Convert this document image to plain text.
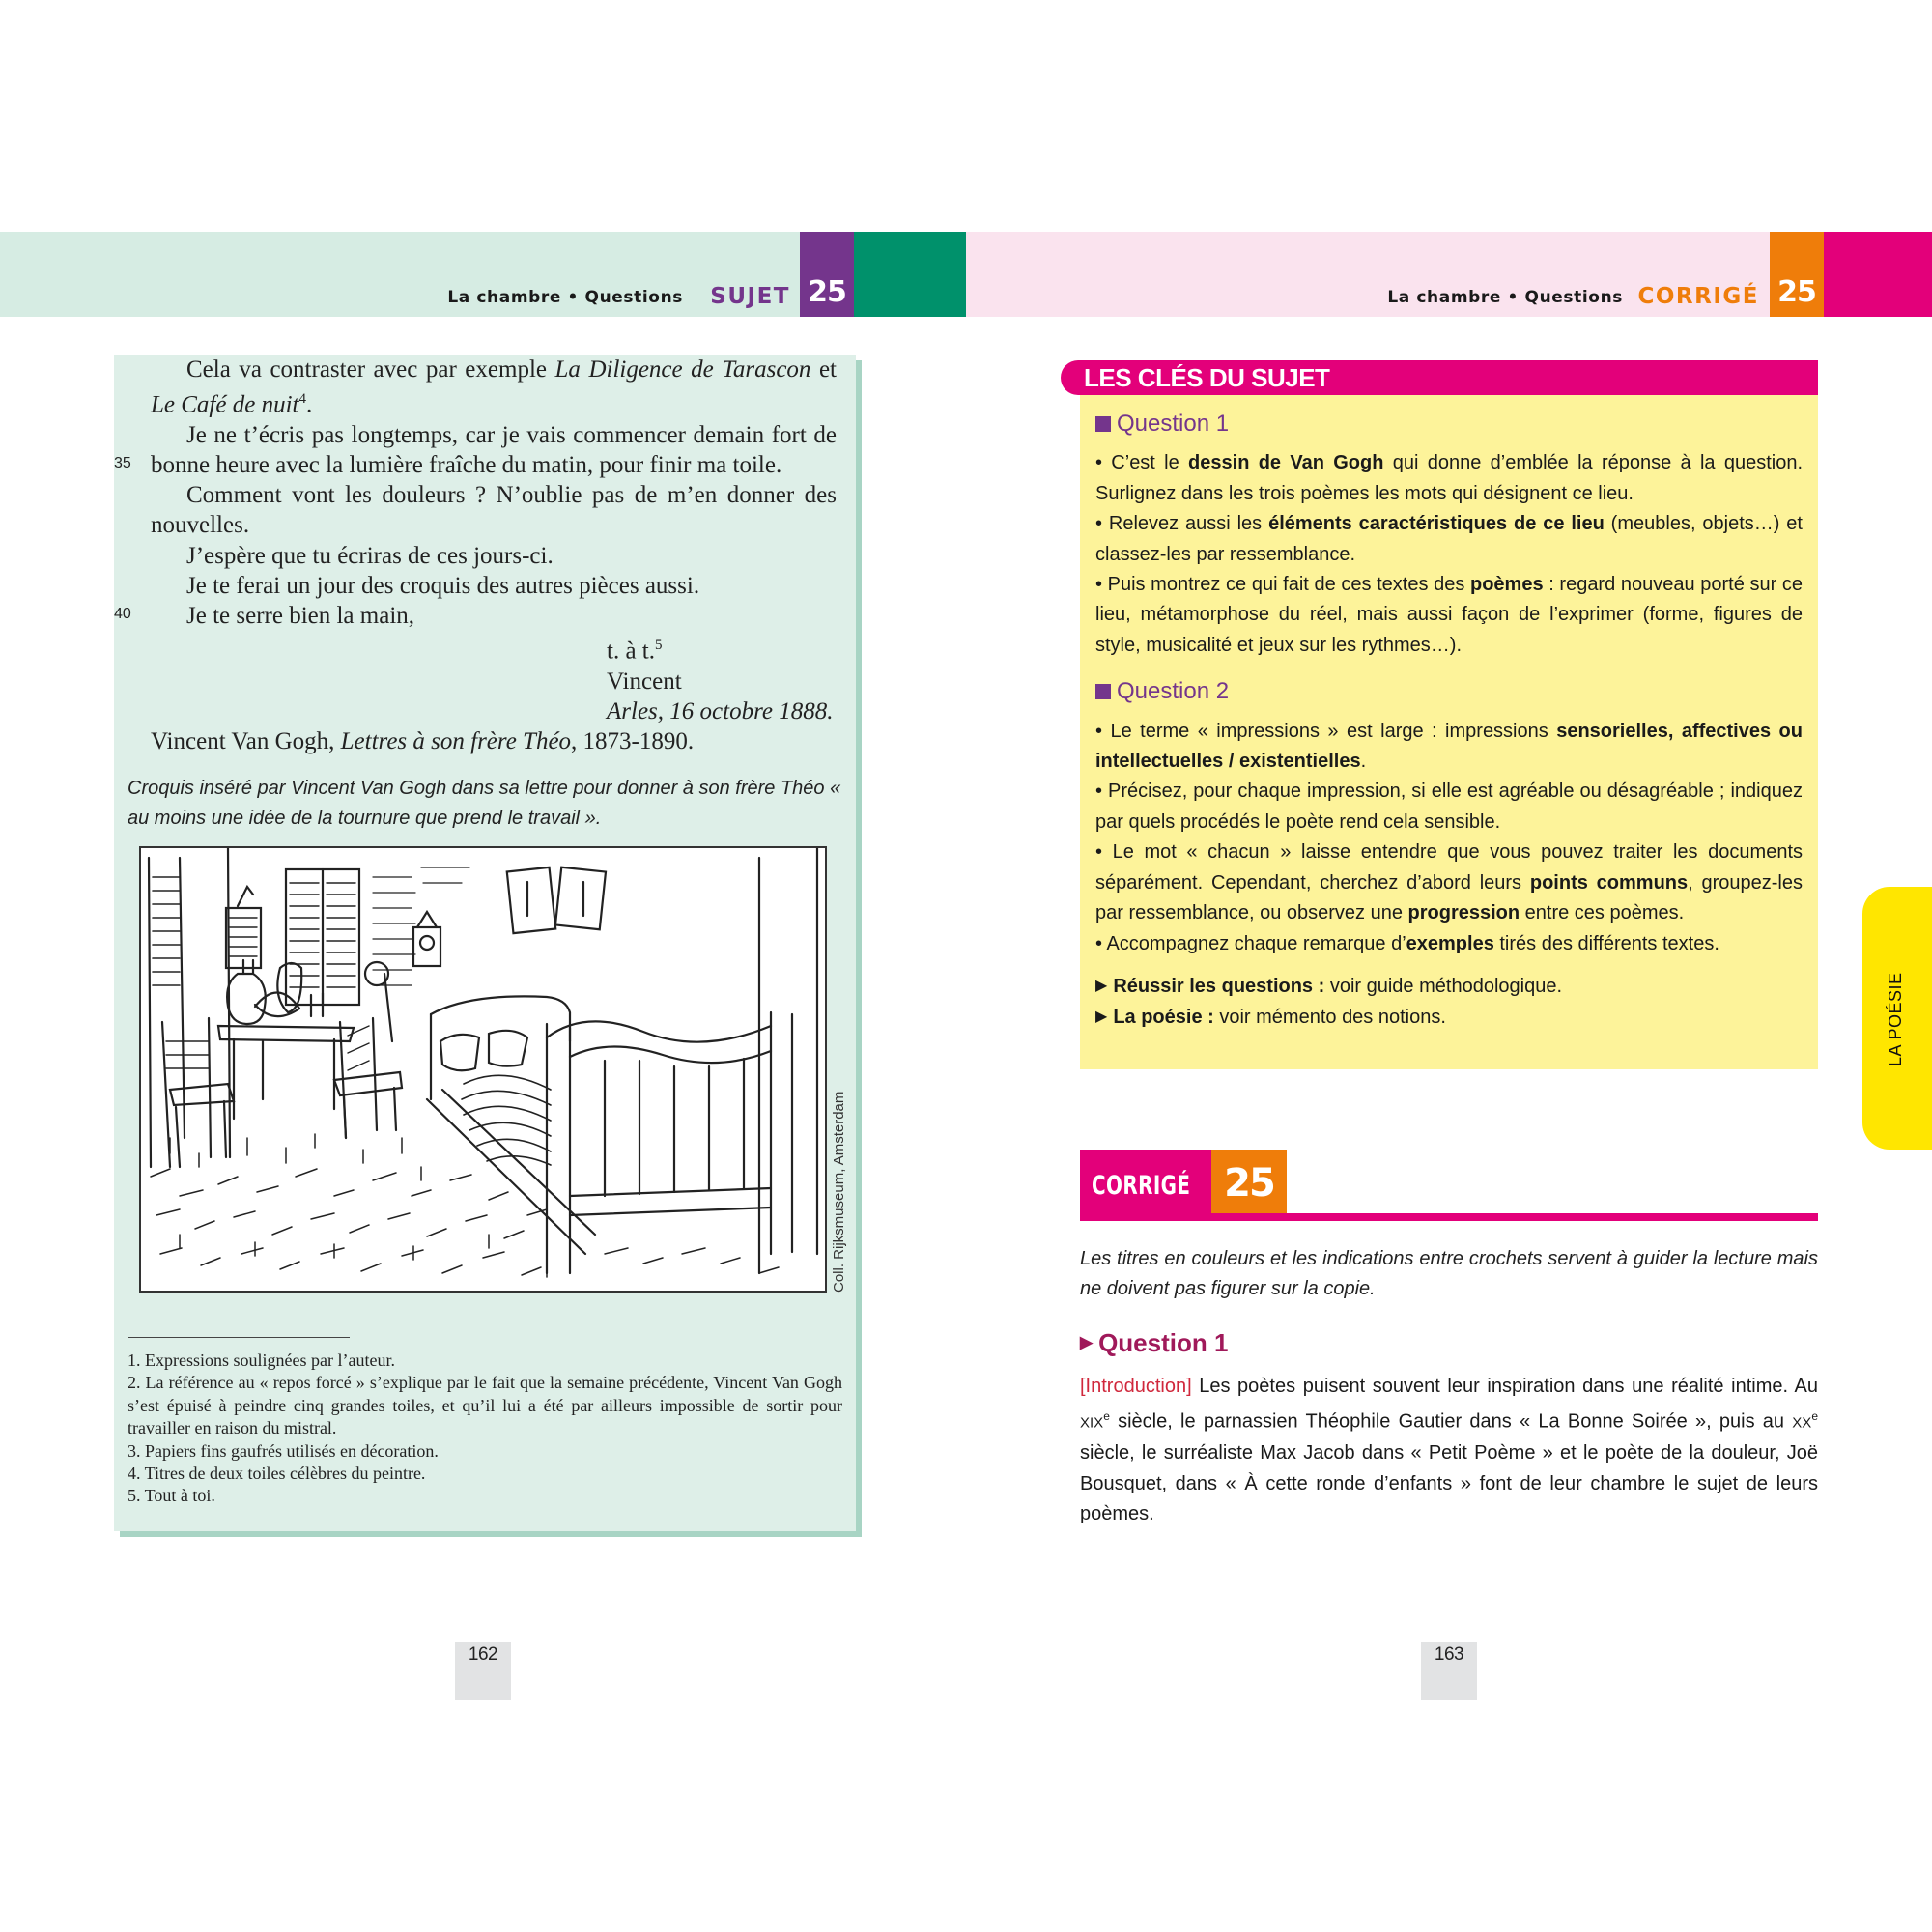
La chambre • Questions SUJET 25

Cela va contraster avec par exemple La Diligence de Tarascon et Le Café de nuit$^4$.

Je ne t’écris pas longtemps, car je vais commencer demain fort de

35 bonne heure avec la lumière fraîche du matin, pour finir ma toile.

Comment vont les douleurs ? N’oublie pas de m’en donner des nouvelles.

J’espère que tu écriras de ces jours-ci.

Je te ferai un jour des croquis des autres pièces aussi.

40 Je te serre bien la main,

t. à t.$^5$

Vincent

Arles, 16 octobre 1888.

Vincent Van Gogh, Lettres à son frère Théo, 1873-1890.

Croquis inséré par Vincent Van Gogh dans sa lettre pour donner à son frère Théo « au moins une idée de la tournure que prend le travail ».

Coll. Rijksmuseum, Amsterdam

1. Expressions soulignées par l’auteur.

2. La référence au « repos forcé » s’explique par le fait que la semaine précédente, Vincent Van Gogh s’est épuisé à peindre cinq grandes toiles, et qu’il lui a été par ailleurs impossible de sortir pour travailler en raison du mistral.

3. Papiers fins gaufrés utilisés en décoration.

4. Titres de deux toiles célèbres du peintre.

5. Tout à toi.

162
La chambre • Questions CORRIGÉ 25
LES CLÉS DU SUJET
Question 1

• C’est le dessin de Van Gogh qui donne d’emblée la réponse à la question. Surlignez dans les trois poèmes les mots qui désignent ce lieu.

• Relevez aussi les éléments caractéristiques de ce lieu (meubles, objets…) et classez-les par ressemblance.

• Puis montrez ce qui fait de ces textes des poèmes : regard nouveau porté sur ce lieu, métamorphose du réel, mais aussi façon de l’exprimer (forme, figures de style, musicalité et jeux sur les rythmes…).

Question 2

• Le terme « impressions » est large : impressions sensorielles, affectives ou intellectuelles / existentielles.

• Précisez, pour chaque impression, si elle est agréable ou désagréable ; indiquez par quels procédés le poète rend cela sensible.

• Le mot « chacun » laisse entendre que vous pouvez traiter les documents séparément. Cependant, cherchez d’abord leurs points communs, groupez-les par ressemblance, ou observez une progression entre ces poèmes.

• Accompagnez chaque remarque d’exemples tirés des différents textes.

▶ Réussir les questions : voir guide méthodologique.

▶ La poésie : voir mémento des notions.	LA POÉSIE
CORRIGÉ 25

Les titres en couleurs et les indications entre crochets servent à guider la lecture mais ne doivent pas figurer sur la copie.

▶ Question 1

[Introduction] Les poètes puisent souvent leur inspiration dans une réalité intime. Au XIXe siècle, le parnassien Théophile Gautier dans « La Bonne Soirée », puis au XXe siècle, le surréaliste Max Jacob dans « Petit Poème » et le poète de la douleur, Joë Bousquet, dans « À cette ronde d’enfants » font de leur chambre le sujet de leurs poèmes.

163
